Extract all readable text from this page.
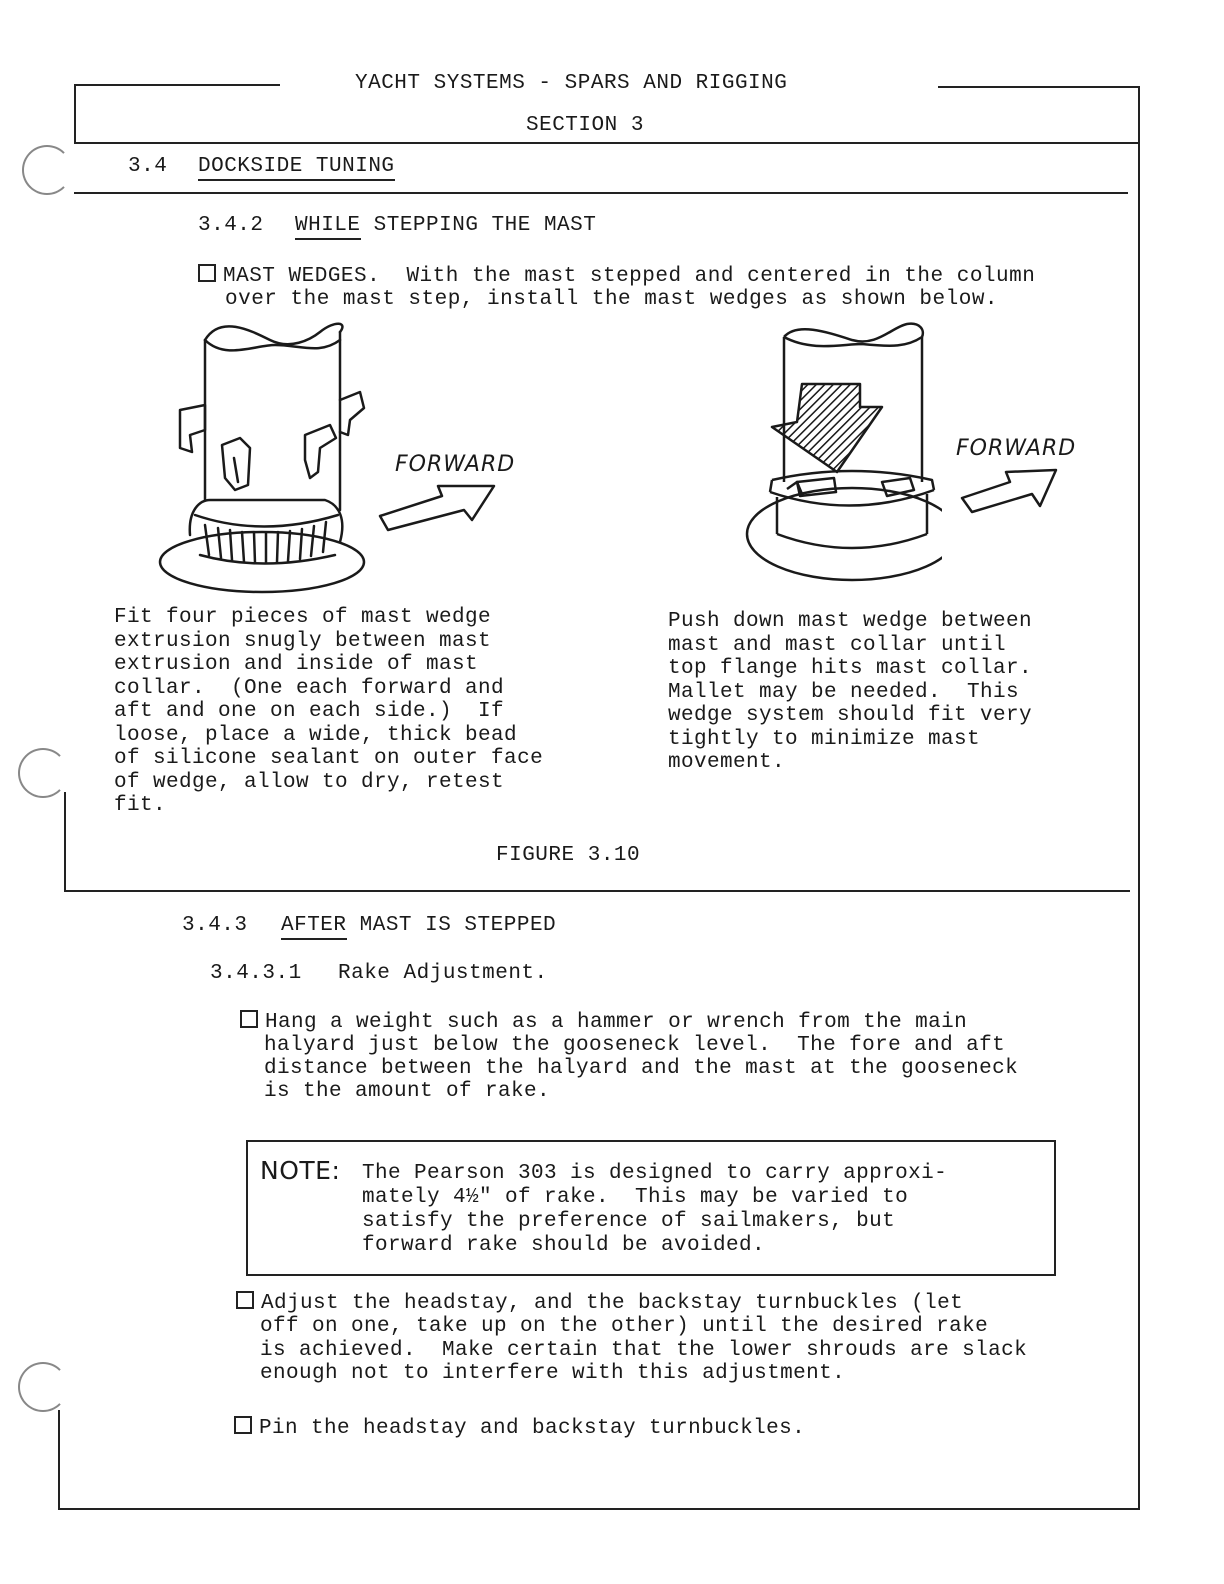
YACHT SYSTEMS - SPARS AND RIGGING
SECTION 3
3.4 DOCKSIDE TUNING
3.4.2 WHILE STEPPING THE MAST
MAST WEDGES.  With the mast stepped and centered in the column
over the mast step, install the mast wedges as shown below.
FORWARD
FORWARD
Fit four pieces of mast wedge
extrusion snugly between mast
extrusion and inside of mast
collar.  (One each forward and
aft and one on each side.)  If
loose, place a wide, thick bead
of silicone sealant on outer face
of wedge, allow to dry, retest
fit.
Push down mast wedge between
mast and mast collar until
top flange hits mast collar.
Mallet may be needed.  This
wedge system should fit very
tightly to minimize mast
movement.
FIGURE 3.10
3.4.3 AFTER MAST IS STEPPED
3.4.3.1 Rake Adjustment.
Hang a weight such as a hammer or wrench from the main
halyard just below the gooseneck level.  The fore and aft
distance between the halyard and the mast at the gooseneck
is the amount of rake.
NOTE: The Pearson 303 is designed to carry approxi-
mately 4½" of rake.  This may be varied to
satisfy the preference of sailmakers, but
forward rake should be avoided.
Adjust the headstay, and the backstay turnbuckles (let
off on one, take up on the other) until the desired rake
is achieved.  Make certain that the lower shrouds are slack
enough not to interfere with this adjustment.
Pin the headstay and backstay turnbuckles.
